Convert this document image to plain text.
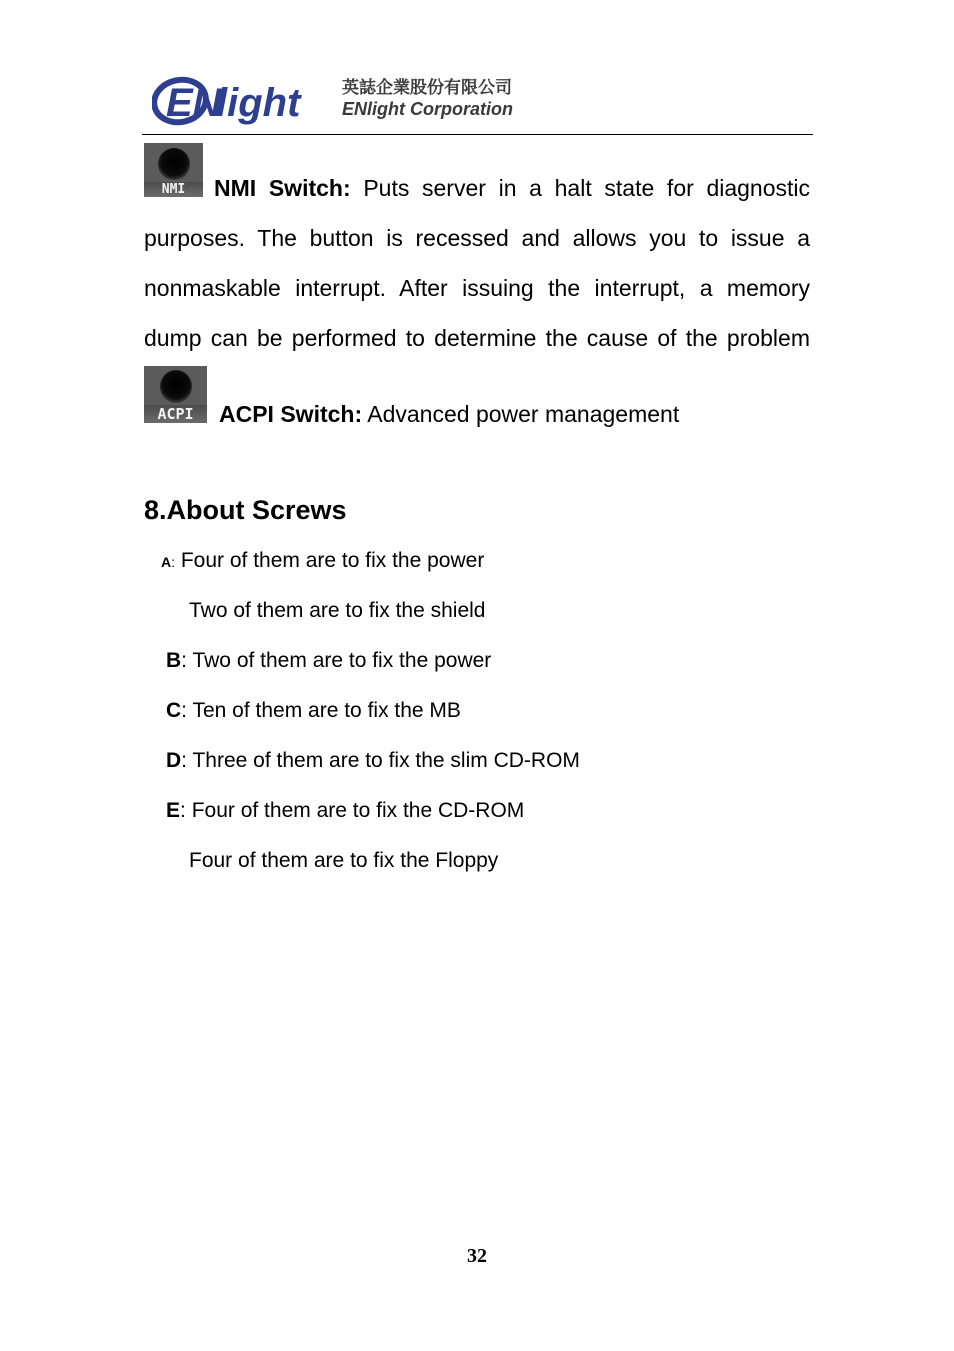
EN
light 英誌企業股份有限公司
ENlight Corporation
NMI	NMI Switch: Puts server in a halt state for diagnostic
purposes. The button is recessed and allows you to issue a
nonmaskable interrupt. After issuing the interrupt, a memory
dump can be performed to determine the cause of the problem
ACPI	ACPI Switch: Advanced power management
8.About Screws
A: Four of them are to fix the power
Two of them are to fix the shield
B: Two of them are to fix the power
C: Ten of them are to fix the MB
D: Three of them are to fix the slim CD-ROM
E: Four of them are to fix the CD-ROM
Four of them are to fix the Floppy
32
